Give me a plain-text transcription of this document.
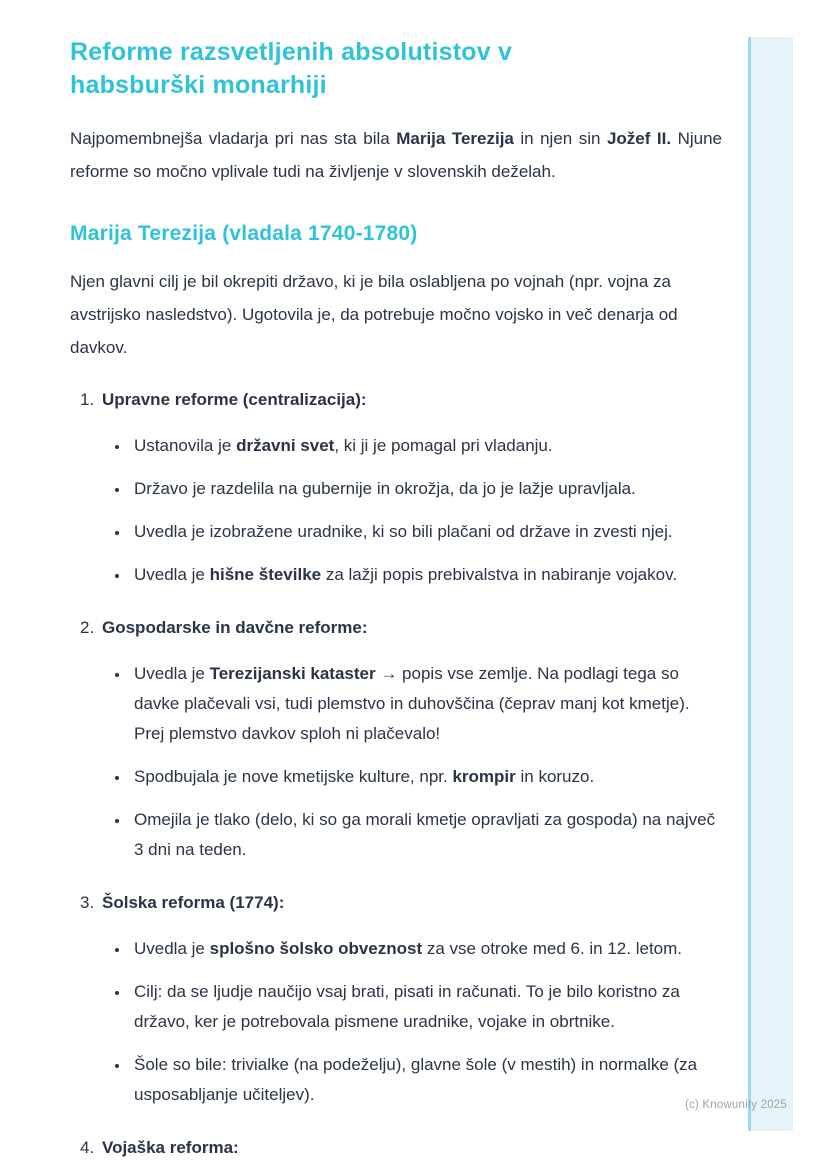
Reforme razsvetljenih absolutistov v habsburški monarhiji

Najpomembnejša vladarja pri nas sta bila Marija Terezija in njen sin Jožef II. Njune reforme so močno vplivale tudi na življenje v slovenskih deželah.

Marija Terezija (vladala 1740-1780)

Njen glavni cilj je bil okrepiti državo, ki je bila oslabljena po vojnah (npr. vojna za avstrijsko nasledstvo). Ugotovila je, da potrebuje močno vojsko in več denarja od davkov.

1. Upravne reforme (centralizacija):
• Ustanovila je državni svet, ki ji je pomagal pri vladanju.
• Državo je razdelila na gubernije in okrožja, da jo je lažje upravljala.
• Uvedla je izobražene uradnike, ki so bili plačani od države in zvesti njej.
• Uvedla je hišne številke za lažji popis prebivalstva in nabiranje vojakov.
2. Gospodarske in davčne reforme:
• Uvedla je Terezijanski kataster → popis vse zemlje. Na podlagi tega so davke plačevali vsi, tudi plemstvo in duhovščina (čeprav manj kot kmetje). Prej plemstvo davkov sploh ni plačevalo!
• Spodbujala je nove kmetijske kulture, npr. krompir in koruzo.
• Omejila je tlako (delo, ki so ga morali kmetje opravljati za gospoda) na največ 3 dni na teden.
3. Šolska reforma (1774):
• Uvedla je splošno šolsko obveznost za vse otroke med 6. in 12. letom.
• Cilj: da se ljudje naučijo vsaj brati, pisati in računati. To je bilo koristno za državo, ker je potrebovala pismene uradnike, vojake in obrtnike.
• Šole so bile: trivialke (na podeželju), glavne šole (v mestih) in normalke (za usposabljanje učiteljev).
4. Vojaška reforma:
(c) Knowunity 2025
